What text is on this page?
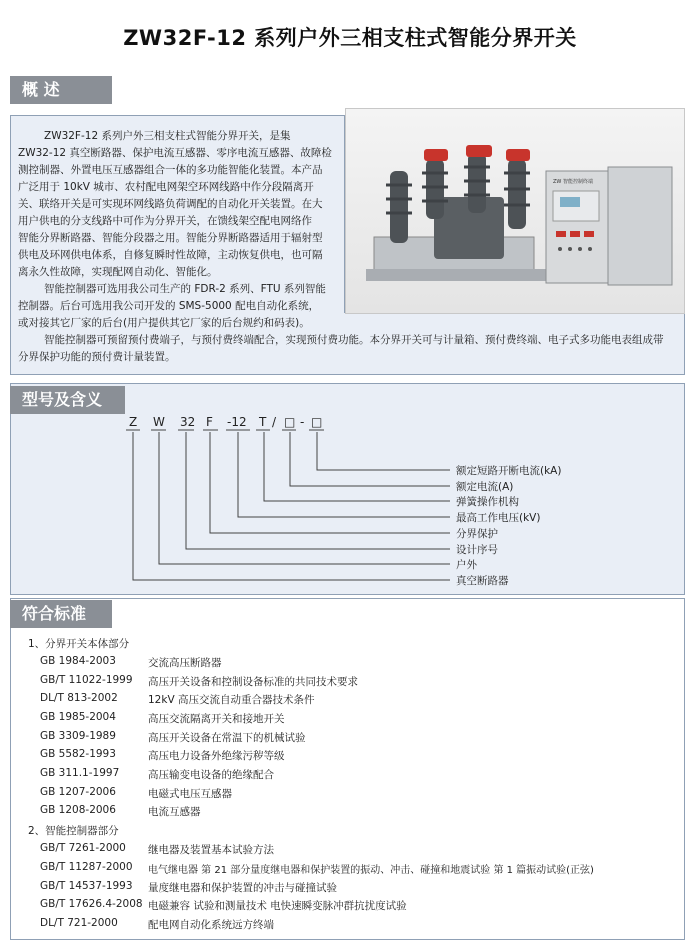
ZW32F-12 系列户外三相支柱式智能分界开关
概 述
ZW32F-12 系列户外三相支柱式智能分界开关，是集
ZW32-12 真空断路器、保护电流互感器、零序电流互感器、故障检
测控制器、外置电压互感器组合一体的多功能智能化装置。本产品
广泛用于 10kV 城市、农村配电网架空环网线路中作分段隔离开
关、联络开关是可实现环网线路负荷调配的自动化开关装置。在大
用户供电的分支线路中可作为分界开关，在馈线架空配电网络作
智能分界断路器、智能分段器之用。智能分界断路器适用于辐射型
供电及环网供电体系，自修复瞬时性故障，主动恢复供电，也可隔
离永久性故障，实现配网自动化、智能化。
智能控制器可选用我公司生产的 FDR-2 系列、FTU 系列智能
控制器。后台可选用我公司开发的 SMS-5000 配电自动化系统，
或对接其它厂家的后台(用户提供其它厂家的后台规约和码表)。
智能控制器可预留预付费端子，与预付费终端配合，实现预付费功能。本分界开关可与计量箱、预付费终端、电子式多功能电表组成带
分界保护功能的预付费计量装置。
ZW 智能控制终端
型号及含义
Z W 32 F -12 T / □ - □
额定短路开断电流(kA)
额定电流(A)
弹簧操作机构
最高工作电压(kV)
分界保护
设计序号
户外
真空断路器
符合标准
1、分界开关本体部分
GB 1984-2003	交流高压断路器
GB/T 11022-1999 高压开关设备和控制设备标准的共同技术要求
DL/T 813-2002	12kV 高压交流自动重合器技术条件
GB 1985-2004	高压交流隔离开关和接地开关
GB 3309-1989	高压开关设备在常温下的机械试验
GB 5582-1993	高压电力设备外绝缘污秽等级
GB 311.1-1997	高压输变电设备的绝缘配合
GB 1207-2006	电磁式电压互感器
GB 1208-2006	电流互感器
2、智能控制器部分
GB/T 7261-2000 继电器及装置基本试验方法
GB/T 11287-2000 电气继电器 第 21 部分量度继电器和保护装置的振动、冲击、碰撞和地震试验 第 1 篇振动试验(正弦)
GB/T 14537-1993 量度继电器和保护装置的冲击与碰撞试验
GB/T 17626.4-2008 电磁兼容 试验和测量技术 电快速瞬变脉冲群抗扰度试验
DL/T 721-2000	配电网自动化系统远方终端
